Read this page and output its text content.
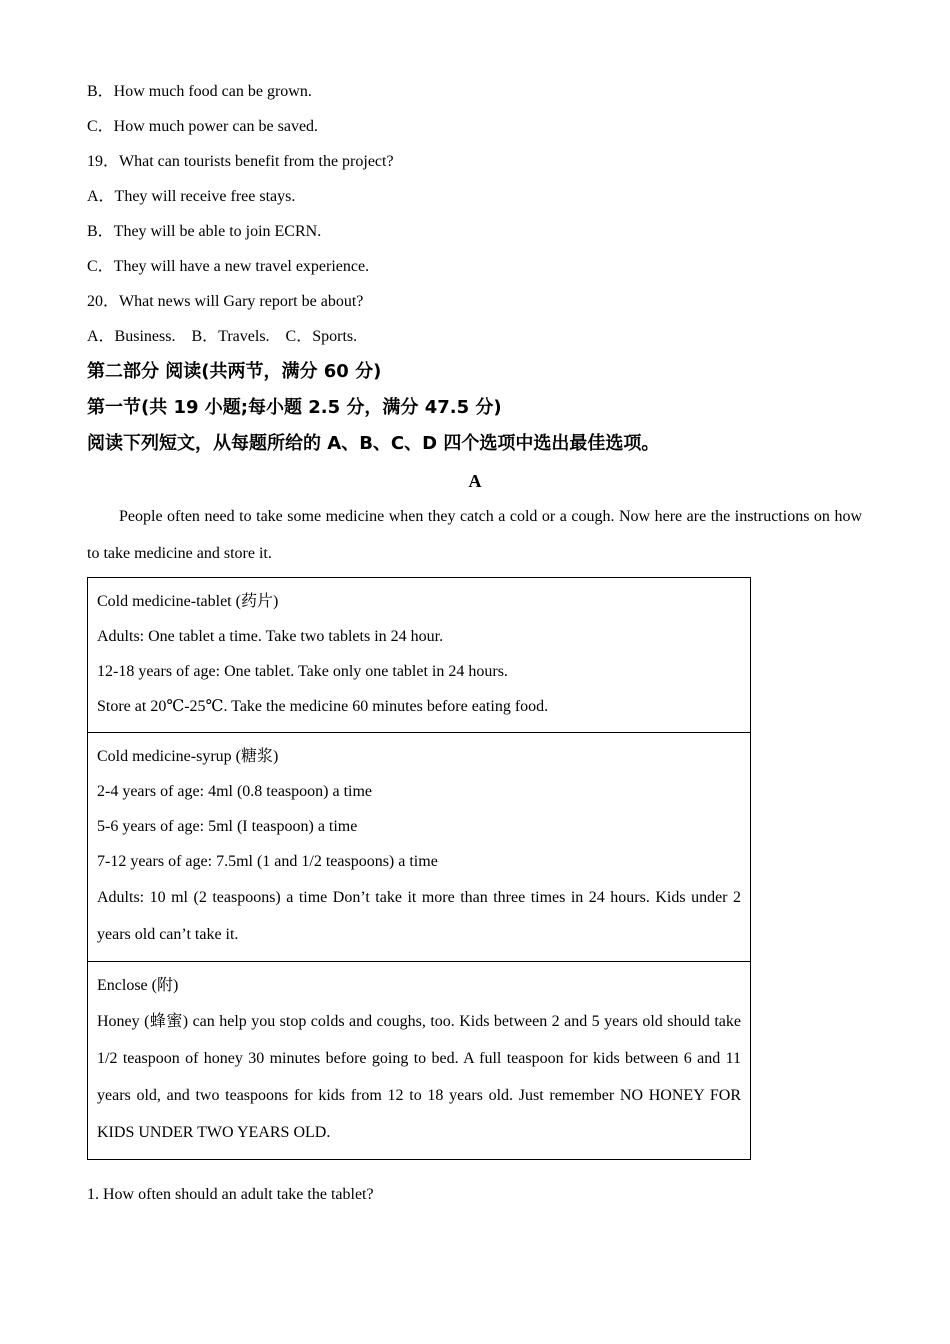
B．How much food can be grown.
C．How much power can be saved.
19．What can tourists benefit from the project?
A．They will receive free stays.
B．They will be able to join ECRN.
C．They will have a new travel experience.
20．What news will Gary report be about?
A．Business.    B．Travels.    C．Sports.
第二部分 阅读(共两节，满分 60 分)
第一节(共 19 小题;每小题 2.5 分，满分 47.5 分)
阅读下列短文，从每题所给的 A、B、C、D 四个选项中选出最佳选项。
A
People often need to take some medicine when they catch a cold or a cough. Now here are the instructions on how to take medicine and store it.
Cold medicine-tablet (药片)
Adults: One tablet a time. Take two tablets in 24 hour.
12-18 years of age: One tablet. Take only one tablet in 24 hours.
Store at 20℃-25℃. Take the medicine 60 minutes before eating food.
Cold medicine-syrup (糖浆)
2-4 years of age: 4ml (0.8 teaspoon) a time
5-6 years of age: 5ml (I teaspoon) a time
7-12 years of age: 7.5ml (1 and 1/2 teaspoons) a time
Adults: 10 ml (2 teaspoons) a time Don’t take it more than three times in 24 hours. Kids under 2 years old can’t take it.
Enclose (附)
Honey (蜂蜜) can help you stop colds and coughs, too. Kids between 2 and 5 years old should take 1/2 teaspoon of honey 30 minutes before going to bed. A full teaspoon for kids between 6 and 11 years old, and two teaspoons for kids from 12 to 18 years old. Just remember NO HONEY FOR KIDS UNDER TWO YEARS OLD.
1. How often should an adult take the tablet?
